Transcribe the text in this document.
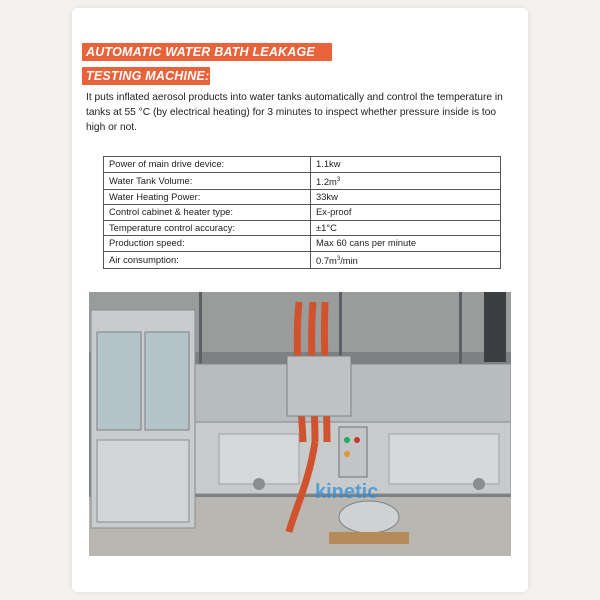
AUTOMATIC WATER BATH LEAKAGE
TESTING MACHINE:
It puts inflated aerosol products into water tanks automatically and control the temperature in tanks at 55 °C (by electrical heating) for 3 minutes to inspect whether pressure inside is too high or not.
Power of main drive device:	1.1kw
Water Tank Volume:	$1.2m^3$
Water Heating Power:	33kw
Control cabinet & heater type:	Ex-proof
Temperature control accuracy:	±1°C
Production speed:	Max 60 cans per minute
Air consumption:	$0.7m^3/\min$
kinetic
